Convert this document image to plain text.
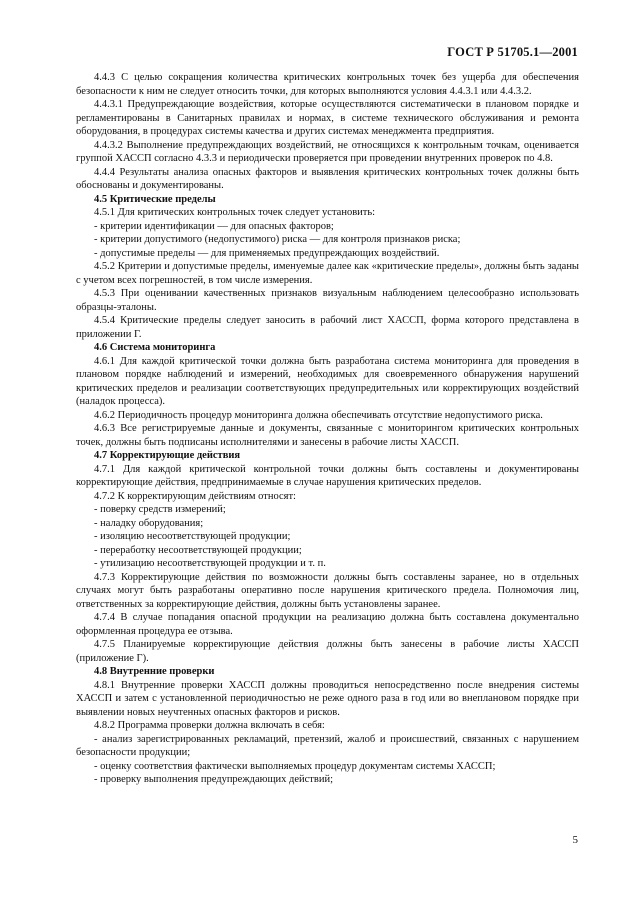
ГОСТ Р 51705.1—2001

4.4.3 С целью сокращения количества критических контрольных точек без ущерба для обеспечения безопасности к ним не следует относить точки, для которых выполняются условия 4.4.3.1 или 4.4.3.2.

4.4.3.1 Предупреждающие воздействия, которые осуществляются систематически в плановом порядке и регламентированы в Санитарных правилах и нормах, в системе технического обслуживания и ремонта оборудования, в процедурах системы качества и других системах менеджмента предприятия.

4.4.3.2 Выполнение предупреждающих воздействий, не относящихся к контрольным точкам, оценивается группой ХАССП согласно 4.3.3 и периодически проверяется при проведении внутренних проверок по 4.8.

4.4.4 Результаты анализа опасных факторов и выявления критических контрольных точек должны быть обоснованы и документированы.

4.5 Критические пределы

4.5.1 Для критических контрольных точек следует установить:

- критерии идентификации — для опасных факторов;

- критерии допустимого (недопустимого) риска — для контроля признаков риска;

- допустимые пределы — для применяемых предупреждающих воздействий.

4.5.2 Критерии и допустимые пределы, именуемые далее как «критические пределы», должны быть заданы с учетом всех погрешностей, в том числе измерения.

4.5.3 При оценивании качественных признаков визуальным наблюдением целесообразно использовать образцы-эталоны.

4.5.4 Критические пределы следует заносить в рабочий лист ХАССП, форма которого представлена в приложении Г.

4.6 Система мониторинга

4.6.1 Для каждой критической точки должна быть разработана система мониторинга для проведения в плановом порядке наблюдений и измерений, необходимых для своевременного обнаружения нарушений критических пределов и реализации соответствующих предупредительных или корректирующих воздействий (наладок процесса).

4.6.2 Периодичность процедур мониторинга должна обеспечивать отсутствие недопустимого риска.

4.6.3 Все регистрируемые данные и документы, связанные с мониторингом критических контрольных точек, должны быть подписаны исполнителями и занесены в рабочие листы ХАССП.

4.7 Корректирующие действия

4.7.1 Для каждой критической контрольной точки должны быть составлены и документированы корректирующие действия, предпринимаемые в случае нарушения критических пределов.

4.7.2 К корректирующим действиям относят:

- поверку средств измерений;

- наладку оборудования;

- изоляцию несоответствующей продукции;

- переработку несоответствующей продукции;

- утилизацию несоответствующей продукции и т. п.

4.7.3 Корректирующие действия по возможности должны быть составлены заранее, но в отдельных случаях могут быть разработаны оперативно после нарушения критического предела. Полномочия лиц, ответственных за корректирующие действия, должны быть установлены заранее.

4.7.4 В случае попадания опасной продукции на реализацию должна быть составлена документально оформленная процедура ее отзыва.

4.7.5 Планируемые корректирующие действия должны быть занесены в рабочие листы ХАССП (приложение Г).

4.8 Внутренние проверки

4.8.1 Внутренние проверки ХАССП должны проводиться непосредственно после внедрения системы ХАССП и затем с установленной периодичностью не реже одного раза в год или во внеплановом порядке при выявлении новых неучтенных опасных факторов и рисков.

4.8.2 Программа проверки должна включать в себя:

- анализ зарегистрированных рекламаций, претензий, жалоб и происшествий, связанных с нарушением безопасности продукции;

- оценку соответствия фактически выполняемых процедур документам системы ХАССП;

- проверку выполнения предупреждающих действий;

5
